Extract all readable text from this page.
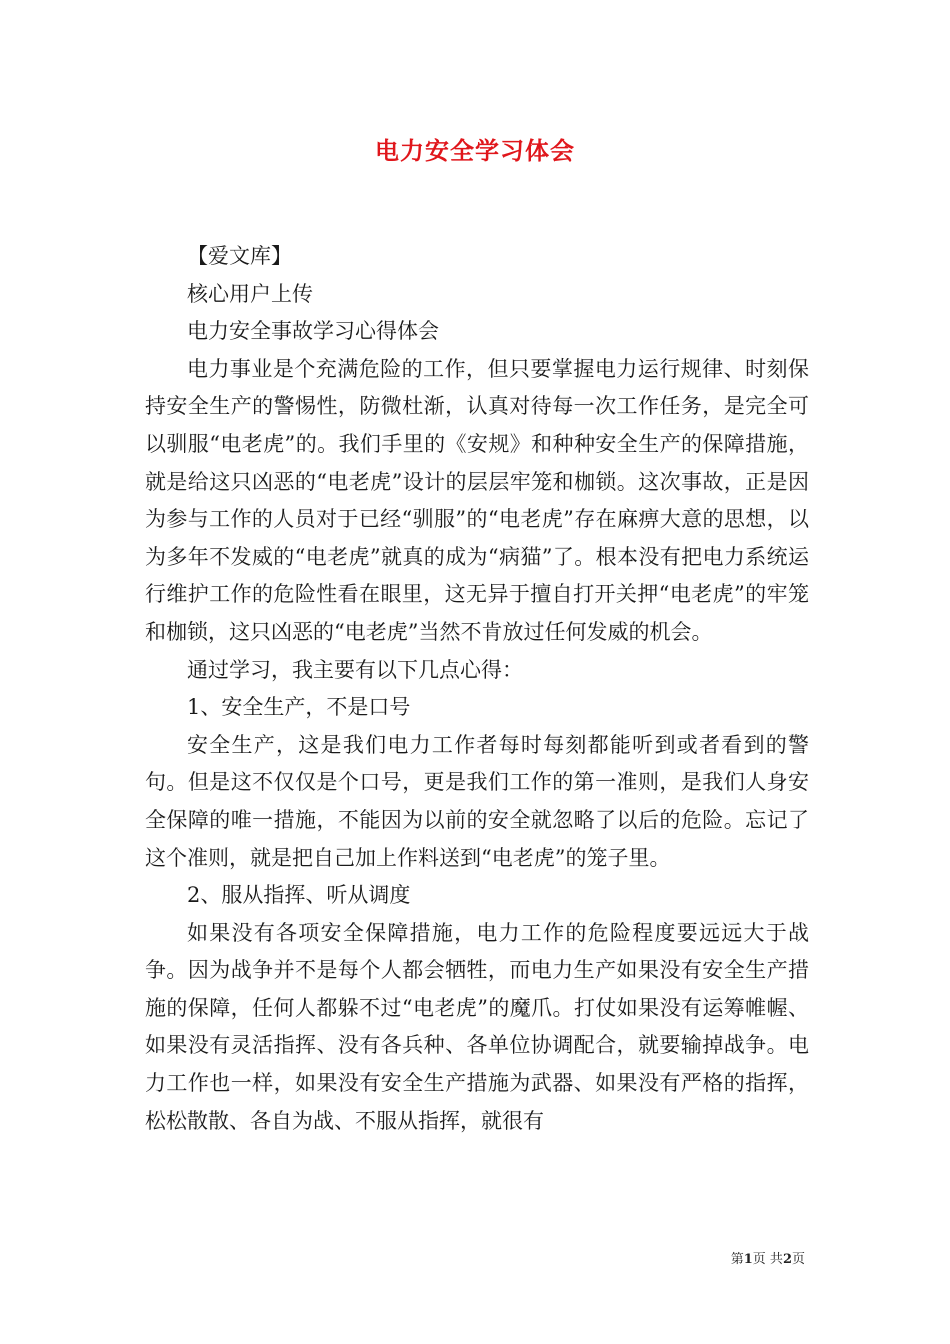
电力安全学习体会

【爱文库】

核心用户上传

电力安全事故学习心得体会

电力事业是个充满危险的工作，但只要掌握电力运行规律、时刻保持安全生产的警惕性，防微杜渐，认真对待每一次工作任务，是完全可以驯服“电老虎”的。我们手里的《安规》和种种安全生产的保障措施，就是给这只凶恶的“电老虎”设计的层层牢笼和枷锁。这次事故，正是因为参与工作的人员对于已经“驯服”的“电老虎”存在麻痹大意的思想，以为多年不发威的“电老虎”就真的成为“病猫”了。根本没有把电力系统运行维护工作的危险性看在眼里，这无异于擅自打开关押“电老虎”的牢笼和枷锁，这只凶恶的“电老虎”当然不肯放过任何发威的机会。

通过学习，我主要有以下几点心得：

1、安全生产，不是口号

安全生产，这是我们电力工作者每时每刻都能听到或者看到的警句。但是这不仅仅是个口号，更是我们工作的第一准则，是我们人身安全保障的唯一措施，不能因为以前的安全就忽略了以后的危险。忘记了这个准则，就是把自己加上作料送到“电老虎”的笼子里。

2、服从指挥、听从调度

如果没有各项安全保障措施，电力工作的危险程度要远远大于战争。因为战争并不是每个人都会牺牲，而电力生产如果没有安全生产措施的保障，任何人都躲不过“电老虎”的魔爪。打仗如果没有运筹帷幄、如果没有灵活指挥、没有各兵种、各单位协调配合，就要输掉战争。电力工作也一样，如果没有安全生产措施为武器、如果没有严格的指挥，松松散散、各自为战、不服从指挥，就很有

第1页 共2页
